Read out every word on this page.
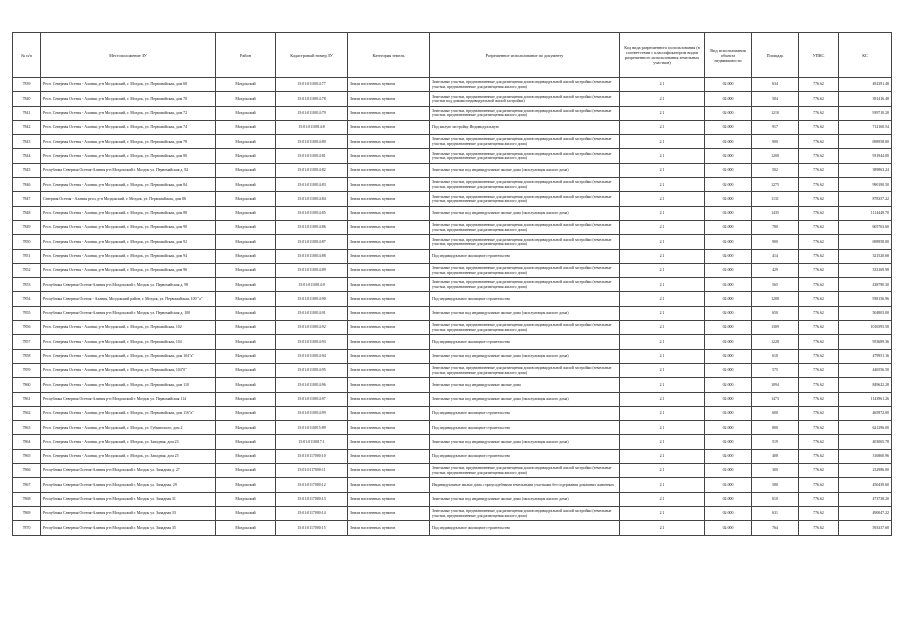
№ п/п	Местоположение ЗУ	Район	Кадастровый номер ЗУ	Категория земель	Разрешенное использование по документу	Код вида разрешенного использования (в соответствии с классификатором видов разрешенного использования земельных участков)	Вид использования объекта недвижимости	Площадь	УПКС	КС

7839	Респ. Северная Осетия - Алания, р-н Моздокский, г. Моздок, ул. Первомайская, дом 68	Моздокский	15:01:0110014:77	Земли населенных пунктов	Земельные участки, предназначенные для размещения домов индивидуальной жилой застройки (земельные участки, предназначенные для размещения жилого дома)	2.1	02:000	634	776.62	492391.48

7840	Респ. Северная Осетия - Алания, р-н Моздокский, г. Моздок, ул. Первомайская, дом 70	Моздокский	15:01:0110014:78	Земли населенных пунктов	Земельные участки, предназначенные для размещения домов индивидуальной жилой застройки (земельные участки под домами индивидуальной жилой застройки)	2.1	02:000	504	776.62	391416.48

7841	Респ. Северная Осетия - Алания, р-н Моздокский, г. Моздок, ул. Первомайская, дом 72	Моздокский	15:01:0110014:79	Земли населенных пунктов	Земельные участки, предназначенные для размещения домов индивидуальной жилой застройки (земельные участки, предназначенные для размещения жилого дома)	2.1	02:000	1210	776.62	939710.20

7842	Респ. Северная Осетия - Алания, р-н Моздокский, г. Моздок, ул. Первомайская, дом 74	Моздокский	15:01:0110014:8	Земли населенных пунктов	Под жилую застройку Индивидуальную	2.1	02:000	917	776.62	712160.54

7843	Респ. Северная Осетия - Алания, р-н Моздокский, г. Моздок, ул. Первомайская, дом 78	Моздокский	15:01:0110014:80	Земли населенных пунктов	Земельные участки, предназначенные для размещения домов индивидуальной жилой застройки (земельные участки, предназначенные для размещения жилого дома)	2.1	02:000	900	776.62	698958.00

7844	Респ. Северная Осетия - Алания, р-н Моздокский, г. Моздок, ул. Первомайская, дом 80	Моздокский	15:01:0110014:81	Земли населенных пунктов	Земельные участки, предназначенные для размещения домов индивидуальной жилой застройки (земельные участки, предназначенные для размещения жилого дома)	2.1	02:000	1200	776.62	931944.00

7845	Республика Северная Осетия-Алания р-н Моздокский г. Моздок ул. Первомайская д. 82	Моздокский	15:01:0110014:82	Земли населенных пунктов	Земельные участки под индивидуальные жилые дома (эксплуатация жилого дома)	2.1	02:000	502	776.62	389863.24

7846	Респ. Северная Осетия - Алания, р-н Моздокский, г. Моздок, ул. Первомайская, дом 84	Моздокский	15:01:0110014:83	Земли населенных пунктов	Земельные участки, предназначенные для размещения домов индивидуальной жилой застройки (земельные участки, предназначенные для размещения жилого дома)	2.1	02:000	1275	776.62	990190.50

7847	Северная Осетия - Алания респ, р-н Моздокский, г. Моздок, ул. Первомайская, дом 86	Моздокский	15:01:0110014:84	Земли населенных пунктов	Земельные участки, предназначенные для размещения домов индивидуальной жилой застройки (земельные участки, предназначенные для размещения жилого дома)	2.1	02:000	1131	776.62	878357.22

7848	Респ. Северная Осетия - Алания, р-н Моздокский, г. Моздок, ул. Первомайская, дом 88	Моздокский	15:01:0110014:85	Земли населенных пунктов	Земельные участки под индивидуальные жилые дома (эксплуатация жилого дома)	2.1	02:000	1435	776.62	1114449.70

7849	Респ. Северная Осетия - Алания, р-н Моздокский, г. Моздок, ул. Первомайская, дом 90	Моздокский	15:01:0110014:86	Земли населенных пунктов	Земельные участки, предназначенные для размещения домов индивидуальной жилой застройки (земельные участки, предназначенные для размещения жилого дома)	2.1	02:000	780	776.62	605763.60

7850	Респ. Северная Осетия - Алания, р-н Моздокский, г. Моздок, ул. Первомайская, дом 92	Моздокский	15:01:0110014:87	Земли населенных пунктов	Земельные участки, предназначенные для размещения домов индивидуальной жилой застройки (земельные участки, предназначенные для размещения жилого дома)	2.1	02:000	900	776.62	698958.00

7851	Респ. Северная Осетия - Алания, р-н Моздокский, г. Моздок, ул. Первомайская, дом 94	Моздокский	15:01:0110014:88	Земли населенных пунктов	Под индивидуальное жилищное строительство	2.1	02:000	414	776.62	321520.68

7852	Респ. Северная Осетия - Алания, р-н Моздокский, г. Моздок, ул. Первомайская, дом 96	Моздокский	15:01:0110014:89	Земли населенных пунктов	Земельные участки, предназначенные для размещения домов индивидуальной жилой застройки (земельные участки, предназначенные для размещения жилого дома)	2.1	02:000	429	776.62	333169.98

7853	Республика Северная Осетия-Алания р-н Моздокский г. Моздок ул. Первомайская д. 98	Моздокский	15:01:0110014:9	Земли населенных пунктов	Земельные участки, предназначенные для размещения домов индивидуальной жилой застройки (земельные участки, предназначенные для размещения жилого дома)	2.1	02:000	565	776.62	438790.30

7854	Республика Северная Осетия - Алания, Моздокский район, г. Моздок, ул. Первомайская, 100 "а"	Моздокский	15:01:0110014:90	Земли населенных пунктов	Под индивидуальное жилищное строительство	2.1	02:000	1208	776.62	938156.96

7855	Республика Северная Осетия-Алания р-н Моздокский г. Моздок ул. Первомайская д. 100	Моздокский	15:01:0110014:91	Земли населенных пунктов	Земельные участки под индивидуальные жилые дома (эксплуатация жилого дома)	2.1	02:000	650	776.62	504803.00

7856	Респ. Северная Осетия - Алания, р-н Моздокский, г. Моздок, ул. Первомайская, 102	Моздокский	15:01:0110014:92	Земли населенных пунктов	Земельные участки, предназначенные для размещения домов индивидуальной жилой застройки (земельные участки, предназначенные для размещения жилого дома)	2.1	02:000	1309	776.62	1016595.58

7857	Респ. Северная Осетия - Алания, р-н Моздокский, г. Моздок, ул. Первомайская, 104	Моздокский	15:01:0110014:93	Земли населенных пунктов	Под индивидуальное жилищное строительство	2.1	02:000	1228	776.62	953689.36

7858	Респ. Северная Осетия - Алания, р-н Моздокский, г. Моздок, ул. Первомайская, дом 104"а"	Моздокский	15:01:0110014:94	Земли населенных пунктов	Земельные участки под индивидуальные жилые дома (эксплуатация жилого дома)	2.1	02:000	618	776.62	479951.16

7859	Респ. Северная Осетия - Алания, р-н Моздокский, г. Моздок, ул. Первомайская, 104"б"	Моздокский	15:01:0110014:95	Земли населенных пунктов	Земельные участки, предназначенные для размещения домов индивидуальной жилой застройки (земельные участки, предназначенные для размещения жилого дома)	2.1	02:000	575	776.62	446556.50

7860	Респ. Северная Осетия - Алания, р-н Моздокский, г. Моздок, ул. Первомайская, дом 110	Моздокский	15:01:0110014:96	Земли населенных пунктов	Земельные участки под индивидуальные жилые дома	2.1	02:000	1094	776.62	849622.28

7861	Республика Северная Осетия-Алания р-н Моздокский г. Моздок ул. Первомайская 114	Моздокский	15:01:0110014:97	Земли населенных пунктов	Земельные участки под индивидуальные жилые дома (эксплуатация жилого дома)	2.1	02:000	1473	776.62	1143961.26

7862	Респ. Северная Осетия - Алания, р-н Моздокский, г. Моздок, ул. Первомайская, дом 116"а"	Моздокский	15:01:0110014:99	Земли населенных пунктов	Под индивидуальное жилищное строительство	2.1	02:000	600	776.62	465972.00

7863	Респ. Северная Осетия - Алания, р-н Моздокский, г. Моздок, ул. Губкинского, дом 2	Моздокский	15:01:0110015:89	Земли населенных пунктов	Под индивидуальное жилищное строительство	2.1	02:000	800	776.62	621296.00

7864	Респ. Северная Осетия - Алания, р-н Моздокский, г. Моздок, ул. Западная, дом 23	Моздокский	15:01:0110017:1	Земли населенных пунктов	Земельные участки под индивидуальные жилые дома (эксплуатация жилого дома)	2.1	02:000	519	776.62	403065.78

7865	Респ. Северная Осетия - Алания, р-н Моздокский, г. Моздок, ул. Западная, дом 25	Моздокский	15:01:0117000:10	Земли населенных пунктов	Под индивидуальное жилищное строительство	2.1	02:000	408	776.62	316860.96

7866	Республика Северная Осетия-Алания р-н Моздокский г. Моздок ул. Западная д. 27	Моздокский	15:01:0117000:11	Земли населенных пунктов	Земельные участки, предназначенные для размещения домов индивидуальной жилой застройки (земельные участки, предназначенные для размещения жилого дома)	2.1	02:000	300	776.62	232986.00

7867	Республика Северная Осетия-Алания р-н Моздокский г. Моздок ул. Западная, 29	Моздокский	15:01:0117000:12	Земли населенных пунктов	Индивидуальные жилые дома с приусадебными земельными участками без содержания домашних животных	2.1	02:000	580	776.62	450439.60

7868	Республика Северная Осетия-Алания р-н Моздокский г. Моздок ул. Западная 31	Моздокский	15:01:0117000:13	Земли населенных пунктов	Земельные участки под индивидуальные жилые дома (эксплуатация жилого дома)	2.1	02:000	610	776.62	473738.20

7869	Республика Северная Осетия-Алания р-н Моздокский г. Моздок ул. Западная 33	Моздокский	15:01:0117000:14	Земли населенных пунктов	Земельные участки, предназначенные для размещения домов индивидуальной жилой застройки (земельные участки, предназначенные для размещения жилого дома)	2.1	02:000	631	776.62	490047.22

7870	Республика Северная Осетия-Алания р-н Моздокский г. Моздок ул. Западная 35	Моздокский	15:01:0117000:15	Земли населенных пунктов	Под индивидуальное жилищное строительство	2.1	02:000	764	776.62	593337.68
